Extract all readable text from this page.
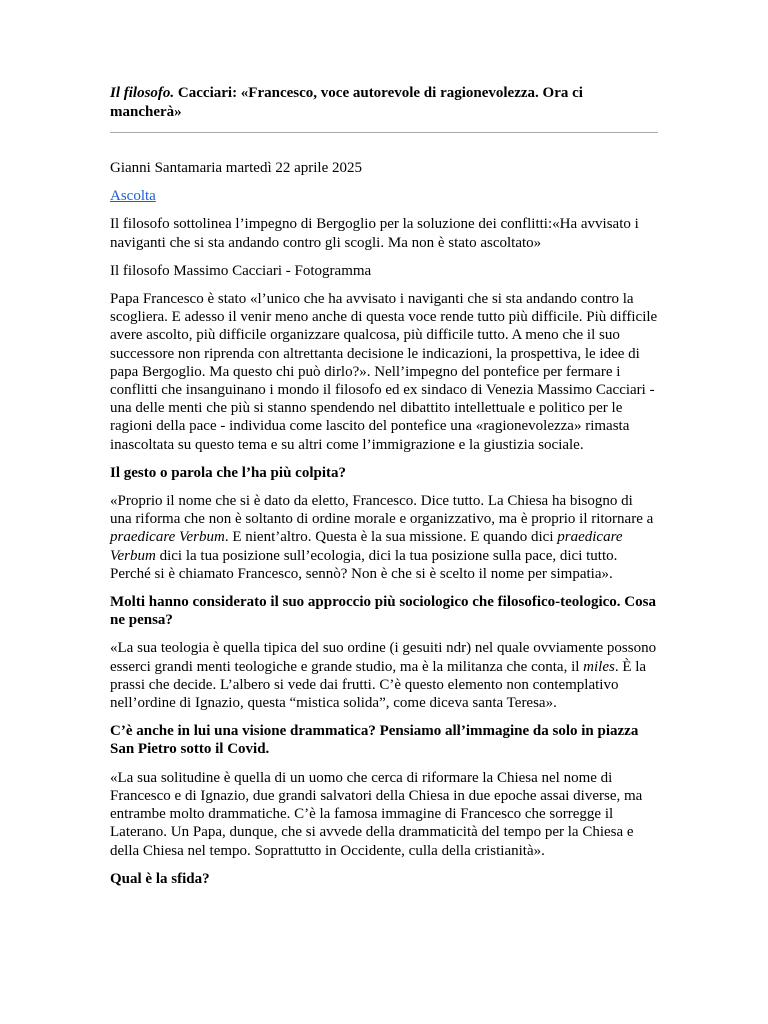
Il filosofo. Cacciari: «Francesco, voce autorevole di ragionevolezza. Ora ci mancherà»

Gianni Santamaria martedì 22 aprile 2025

Ascolta

Il filosofo sottolinea l’impegno di Bergoglio per la soluzione dei conflitti:«Ha avvisato i naviganti che si sta andando contro gli scogli. Ma non è stato ascoltato»

Il filosofo Massimo Cacciari - Fotogramma

Papa Francesco è stato «l’unico che ha avvisato i naviganti che si sta andando contro la scogliera. E adesso il venir meno anche di questa voce rende tutto più difficile. Più difficile avere ascolto, più difficile organizzare qualcosa, più difficile tutto. A meno che il suo successore non riprenda con altrettanta decisione le indicazioni, la prospettiva, le idee di papa Bergoglio. Ma questo chi può dirlo?». Nell’impegno del pontefice per fermare i conflitti che insanguinano i mondo il filosofo ed ex sindaco di Venezia Massimo Cacciari - una delle menti che più si stanno spendendo nel dibattito intellettuale e politico per le ragioni della pace - individua come lascito del pontefice una «ragionevolezza» rimasta inascoltata su questo tema e su altri come l’immigrazione e la giustizia sociale.

Il gesto o parola che l’ha più colpita?

«Proprio il nome che si è dato da eletto, Francesco. Dice tutto. La Chiesa ha bisogno di una riforma che non è soltanto di ordine morale e organizzativo, ma è proprio il ritornare a praedicare Verbum. E nient’altro. Questa è la sua missione. E quando dici praedicare Verbum dici la tua posizione sull’ecologia, dici la tua posizione sulla pace, dici tutto. Perché si è chiamato Francesco, sennò? Non è che si è scelto il nome per simpatia».

Molti hanno considerato il suo approccio più sociologico che filosofico-teologico. Cosa ne pensa?

«La sua teologia è quella tipica del suo ordine (i gesuiti ndr) nel quale ovviamente possono esserci grandi menti teologiche e grande studio, ma è la militanza che conta, il miles. È la prassi che decide. L’albero si vede dai frutti. C’è questo elemento non contemplativo nell’ordine di Ignazio, questa “mistica solida”, come diceva santa Teresa».

C’è anche in lui una visione drammatica? Pensiamo all’immagine da solo in piazza San Pietro sotto il Covid.

«La sua solitudine è quella di un uomo che cerca di riformare la Chiesa nel nome di Francesco e di Ignazio, due grandi salvatori della Chiesa in due epoche assai diverse, ma entrambe molto drammatiche. C’è la famosa immagine di Francesco che sorregge il Laterano. Un Papa, dunque, che si avvede della drammaticità del tempo per la Chiesa e della Chiesa nel tempo. Soprattutto in Occidente, culla della cristianità».

Qual è la sfida?
